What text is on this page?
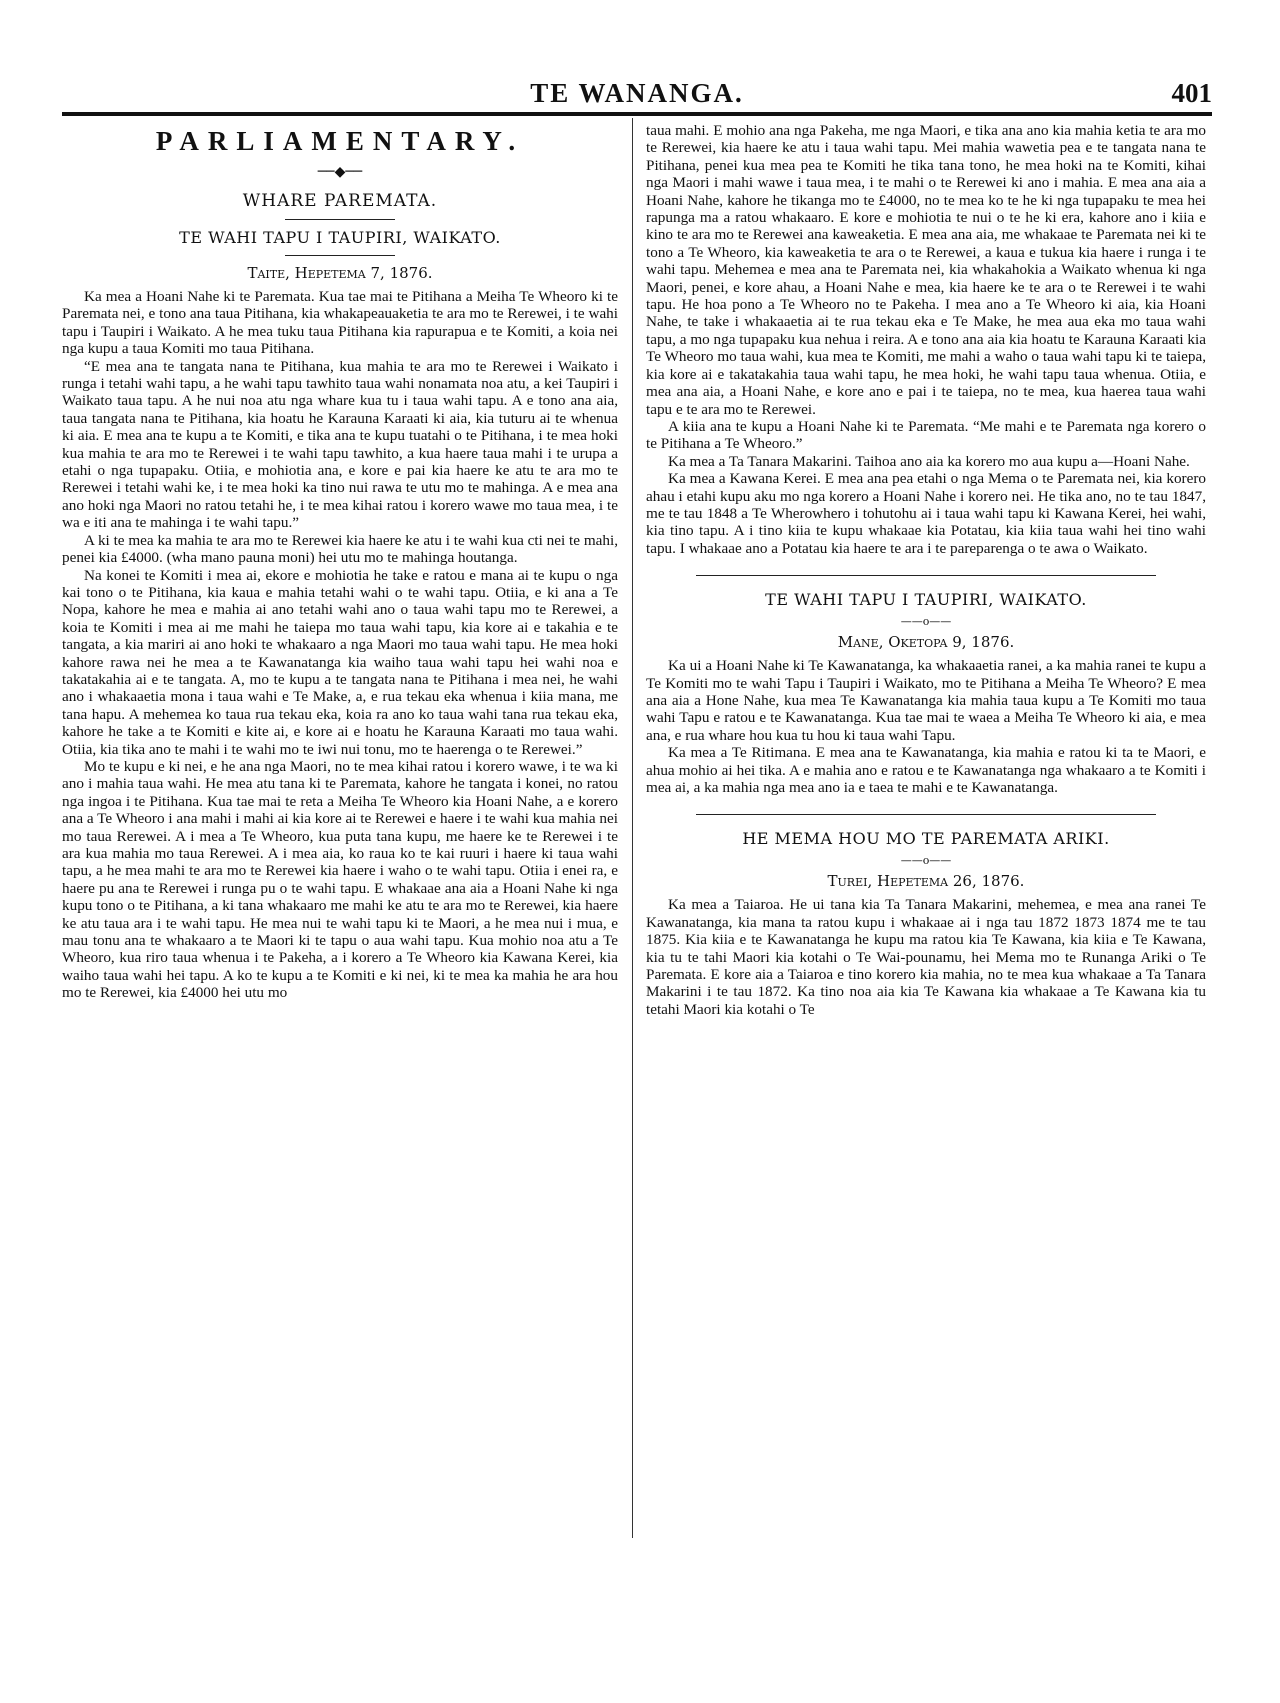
TE WANANGA.	401
PARLIAMENTARY.
──◆──
WHARE PAREMATA.
TE WAHI TAPU I TAUPIRI, WAIKATO.
Taite, Hepetema 7, 1876.

Ka mea a Hoani Nahe ki te Paremata. Kua tae mai te Pitihana a Meiha Te Wheoro ki te Paremata nei, e tono ana taua Pitihana, kia whakapeauaketia te ara mo te Rerewei, i te wahi tapu i Taupiri i Waikato. A he mea tuku taua Pitihana kia rapurapua e te Komiti, a koia nei nga kupu a taua Komiti mo taua Pitihana.

“E mea ana te tangata nana te Pitihana, kua mahia te ara mo te Rerewei i Waikato i runga i tetahi wahi tapu, a he wahi tapu tawhito taua wahi nonamata noa atu, a kei Taupiri i Waikato taua tapu. A he nui noa atu nga whare kua tu i taua wahi tapu. A e tono ana aia, taua tangata nana te Pitihana, kia hoatu he Karauna Karaati ki aia, kia tuturu ai te whenua ki aia. E mea ana te kupu a te Komiti, e tika ana te kupu tuatahi o te Pitihana, i te mea hoki kua mahia te ara mo te Rerewei i te wahi tapu tawhito, a kua haere taua mahi i te urupa a etahi o nga tupapaku. Otiia, e mohiotia ana, e kore e pai kia haere ke atu te ara mo te Rerewei i tetahi wahi ke, i te mea hoki ka tino nui rawa te utu mo te mahinga. A e mea ana ano hoki nga Maori no ratou tetahi he, i te mea kihai ratou i korero wawe mo taua mea, i te wa e iti ana te mahinga i te wahi tapu.”

A ki te mea ka mahia te ara mo te Rerewei kia haere ke atu i te wahi kua cti nei te mahi, penei kia £4000. (wha mano pauna moni) hei utu mo te mahinga houtanga.

Na konei te Komiti i mea ai, ekore e mohiotia he take e ratou e mana ai te kupu o nga kai tono o te Pitihana, kia kaua e mahia tetahi wahi o te wahi tapu. Otiia, e ki ana a Te Nopa, kahore he mea e mahia ai ano tetahi wahi ano o taua wahi tapu mo te Rerewei, a koia te Komiti i mea ai me mahi he taiepa mo taua wahi tapu, kia kore ai e takahia e te tangata, a kia mariri ai ano hoki te whakaaro a nga Maori mo taua wahi tapu. He mea hoki kahore rawa nei he mea a te Kawanatanga kia waiho taua wahi tapu hei wahi noa e takatakahia ai e te tangata. A, mo te kupu a te tangata nana te Pitihana i mea nei, he wahi ano i whakaaetia mona i taua wahi e Te Make, a, e rua tekau eka whenua i kiia mana, me tana hapu. A mehemea ko taua rua tekau eka, koia ra ano ko taua wahi tana rua tekau eka, kahore he take a te Komiti e kite ai, e kore ai e hoatu he Karauna Karaati mo taua wahi. Otiia, kia tika ano te mahi i te wahi mo te iwi nui tonu, mo te haerenga o te Rerewei.”

Mo te kupu e ki nei, e he ana nga Maori, no te mea kihai ratou i korero wawe, i te wa ki ano i mahia taua wahi. He mea atu tana ki te Paremata, kahore he tangata i konei, no ratou nga ingoa i te Pitihana. Kua tae mai te reta a Meiha Te Wheoro kia Hoani Nahe, a e korero ana a Te Wheoro i ana mahi i mahi ai kia kore ai te Rerewei e haere i te wahi kua mahia nei mo taua Rerewei. A i mea a Te Wheoro, kua puta tana kupu, me haere ke te Rerewei i te ara kua mahia mo taua Rerewei. A i mea aia, ko raua ko te kai ruuri i haere ki taua wahi tapu, a he mea mahi te ara mo te Rerewei kia haere i waho o te wahi tapu. Otiia i enei ra, e haere pu ana te Rerewei i runga pu o te wahi tapu. E whakaae ana aia a Hoani Nahe ki nga kupu tono o te Pitihana, a ki tana whakaaro me mahi ke atu te ara mo te Rerewei, kia haere ke atu taua ara i te wahi tapu. He mea nui te wahi tapu ki te Maori, a he mea nui i mua, e mau tonu ana te whakaaro a te Maori ki te tapu o aua wahi tapu. Kua mohio noa atu a Te Wheoro, kua riro taua whenua i te Pakeha, a i korero a Te Wheoro kia Kawana Kerei, kia waiho taua wahi hei tapu. A ko te kupu a te Komiti e ki nei, ki te mea ka mahia he ara hou mo te Rerewei, kia £4000 hei utu mo

taua mahi. E mohio ana nga Pakeha, me nga Maori, e tika ana ano kia mahia ketia te ara mo te Rerewei, kia haere ke atu i taua wahi tapu. Mei mahia wawetia pea e te tangata nana te Pitihana, penei kua mea pea te Komiti he tika tana tono, he mea hoki na te Komiti, kihai nga Maori i mahi wawe i taua mea, i te mahi o te Rerewei ki ano i mahia. E mea ana aia a Hoani Nahe, kahore he tikanga mo te £4000, no te mea ko te he ki nga tupapaku te mea hei rapunga ma a ratou whakaaro. E kore e mohiotia te nui o te he ki era, kahore ano i kiia e kino te ara mo te Rerewei ana kaweaketia. E mea ana aia, me whakaae te Paremata nei ki te tono a Te Wheoro, kia kaweaketia te ara o te Rerewei, a kaua e tukua kia haere i runga i te wahi tapu. Mehemea e mea ana te Paremata nei, kia whakahokia a Waikato whenua ki nga Maori, penei, e kore ahau, a Hoani Nahe e mea, kia haere ke te ara o te Rerewei i te wahi tapu. He hoa pono a Te Wheoro no te Pakeha. I mea ano a Te Wheoro ki aia, kia Hoani Nahe, te take i whakaaetia ai te rua tekau eka e Te Make, he mea aua eka mo taua wahi tapu, a mo nga tupapaku kua nehua i reira. A e tono ana aia kia hoatu te Karauna Karaati kia Te Wheoro mo taua wahi, kua mea te Komiti, me mahi a waho o taua wahi tapu ki te taiepa, kia kore ai e takatakahia taua wahi tapu, he mea hoki, he wahi tapu taua whenua. Otiia, e mea ana aia, a Hoani Nahe, e kore ano e pai i te taiepa, no te mea, kua haerea taua wahi tapu e te ara mo te Rerewei.

A kiia ana te kupu a Hoani Nahe ki te Paremata. “Me mahi e te Paremata nga korero o te Pitihana a Te Wheoro.”

Ka mea a Ta Tanara Makarini. Taihoa ano aia ka korero mo aua kupu a—Hoani Nahe.

Ka mea a Kawana Kerei. E mea ana pea etahi o nga Mema o te Paremata nei, kia korero ahau i etahi kupu aku mo nga korero a Hoani Nahe i korero nei. He tika ano, no te tau 1847, me te tau 1848 a Te Wherowhero i tohutohu ai i taua wahi tapu ki Kawana Kerei, hei wahi, kia tino tapu. A i tino kiia te kupu whakaae kia Potatau, kia kiia taua wahi hei tino wahi tapu. I whakaae ano a Potatau kia haere te ara i te pareparenga o te awa o Waikato.

TE WAHI TAPU I TAUPIRI, WAIKATO.
——o——
Mane, Oketopa 9, 1876.

Ka ui a Hoani Nahe ki Te Kawanatanga, ka whakaaetia ranei, a ka mahia ranei te kupu a Te Komiti mo te wahi Tapu i Taupiri i Waikato, mo te Pitihana a Meiha Te Wheoro? E mea ana aia a Hone Nahe, kua mea Te Kawanatanga kia mahia taua kupu a Te Komiti mo taua wahi Tapu e ratou e te Kawanatanga. Kua tae mai te waea a Meiha Te Wheoro ki aia, e mea ana, e rua whare hou kua tu hou ki taua wahi Tapu.

Ka mea a Te Ritimana. E mea ana te Kawanatanga, kia mahia e ratou ki ta te Maori, e ahua mohio ai hei tika. A e mahia ano e ratou e te Kawanatanga nga whakaaro a te Komiti i mea ai, a ka mahia nga mea ano ia e taea te mahi e te Kawanatanga.

HE MEMA HOU MO TE PAREMATA ARIKI.
——o——
Turei, Hepetema 26, 1876.

Ka mea a Taiaroa. He ui tana kia Ta Tanara Makarini, mehemea, e mea ana ranei Te Kawanatanga, kia mana ta ratou kupu i whakaae ai i nga tau 1872 1873 1874 me te tau 1875. Kia kiia e te Kawanatanga he kupu ma ratou kia Te Kawana, kia kiia e Te Kawana, kia tu te tahi Maori kia kotahi o Te Wai-pounamu, hei Mema mo te Runanga Ariki o Te Paremata. E kore aia a Taiaroa e tino korero kia mahia, no te mea kua whakaae a Ta Tanara Makarini i te tau 1872. Ka tino noa aia kia Te Kawana kia whakaae a Te Kawana kia tu tetahi Maori kia kotahi o Te
